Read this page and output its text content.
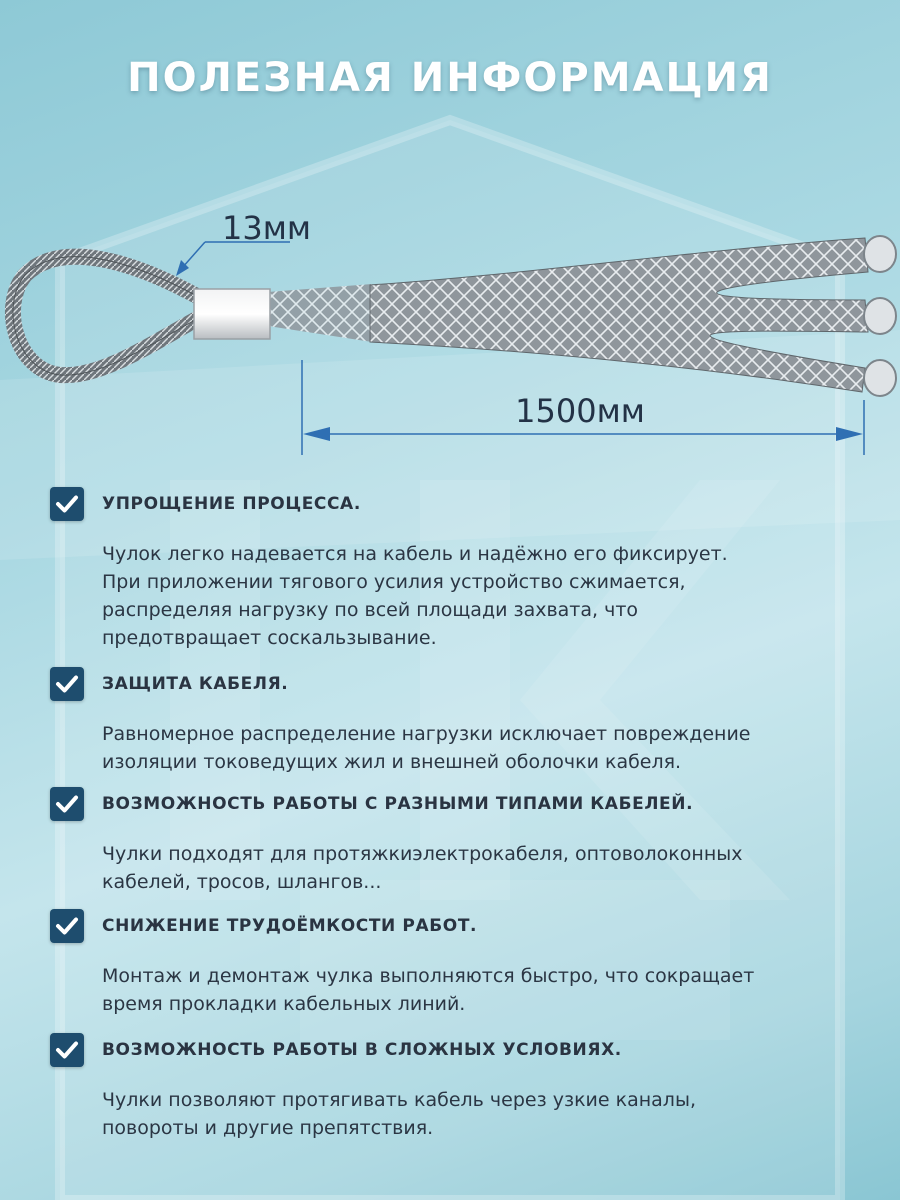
ПОЛЕЗНАЯ ИНФОРМАЦИЯ
13мм
1500мм
УПРОЩЕНИЕ ПРОЦЕССА.
Чулок легко надевается на кабель и надёжно его фиксирует.
При приложении тягового усилия устройство сжимается,
распределяя нагрузку по всей площади захвата, что
предотвращает соскальзывание.
ЗАЩИТА КАБЕЛЯ.
Равномерное распределение нагрузки исключает повреждение
изоляции токоведущих жил и внешней оболочки кабеля.
ВОЗМОЖНОСТЬ РАБОТЫ С РАЗНЫМИ ТИПАМИ КАБЕЛЕЙ.
Чулки подходят для протяжкиэлектрокабеля, оптоволоконных
кабелей, тросов, шлангов...
СНИЖЕНИЕ ТРУДОЁМКОСТИ РАБОТ.
Монтаж и демонтаж чулка выполняются быстро, что сокращает
время прокладки кабельных линий.
ВОЗМОЖНОСТЬ РАБОТЫ В СЛОЖНЫХ УСЛОВИЯХ.
Чулки позволяют протягивать кабель через узкие каналы,
повороты и другие препятствия.
